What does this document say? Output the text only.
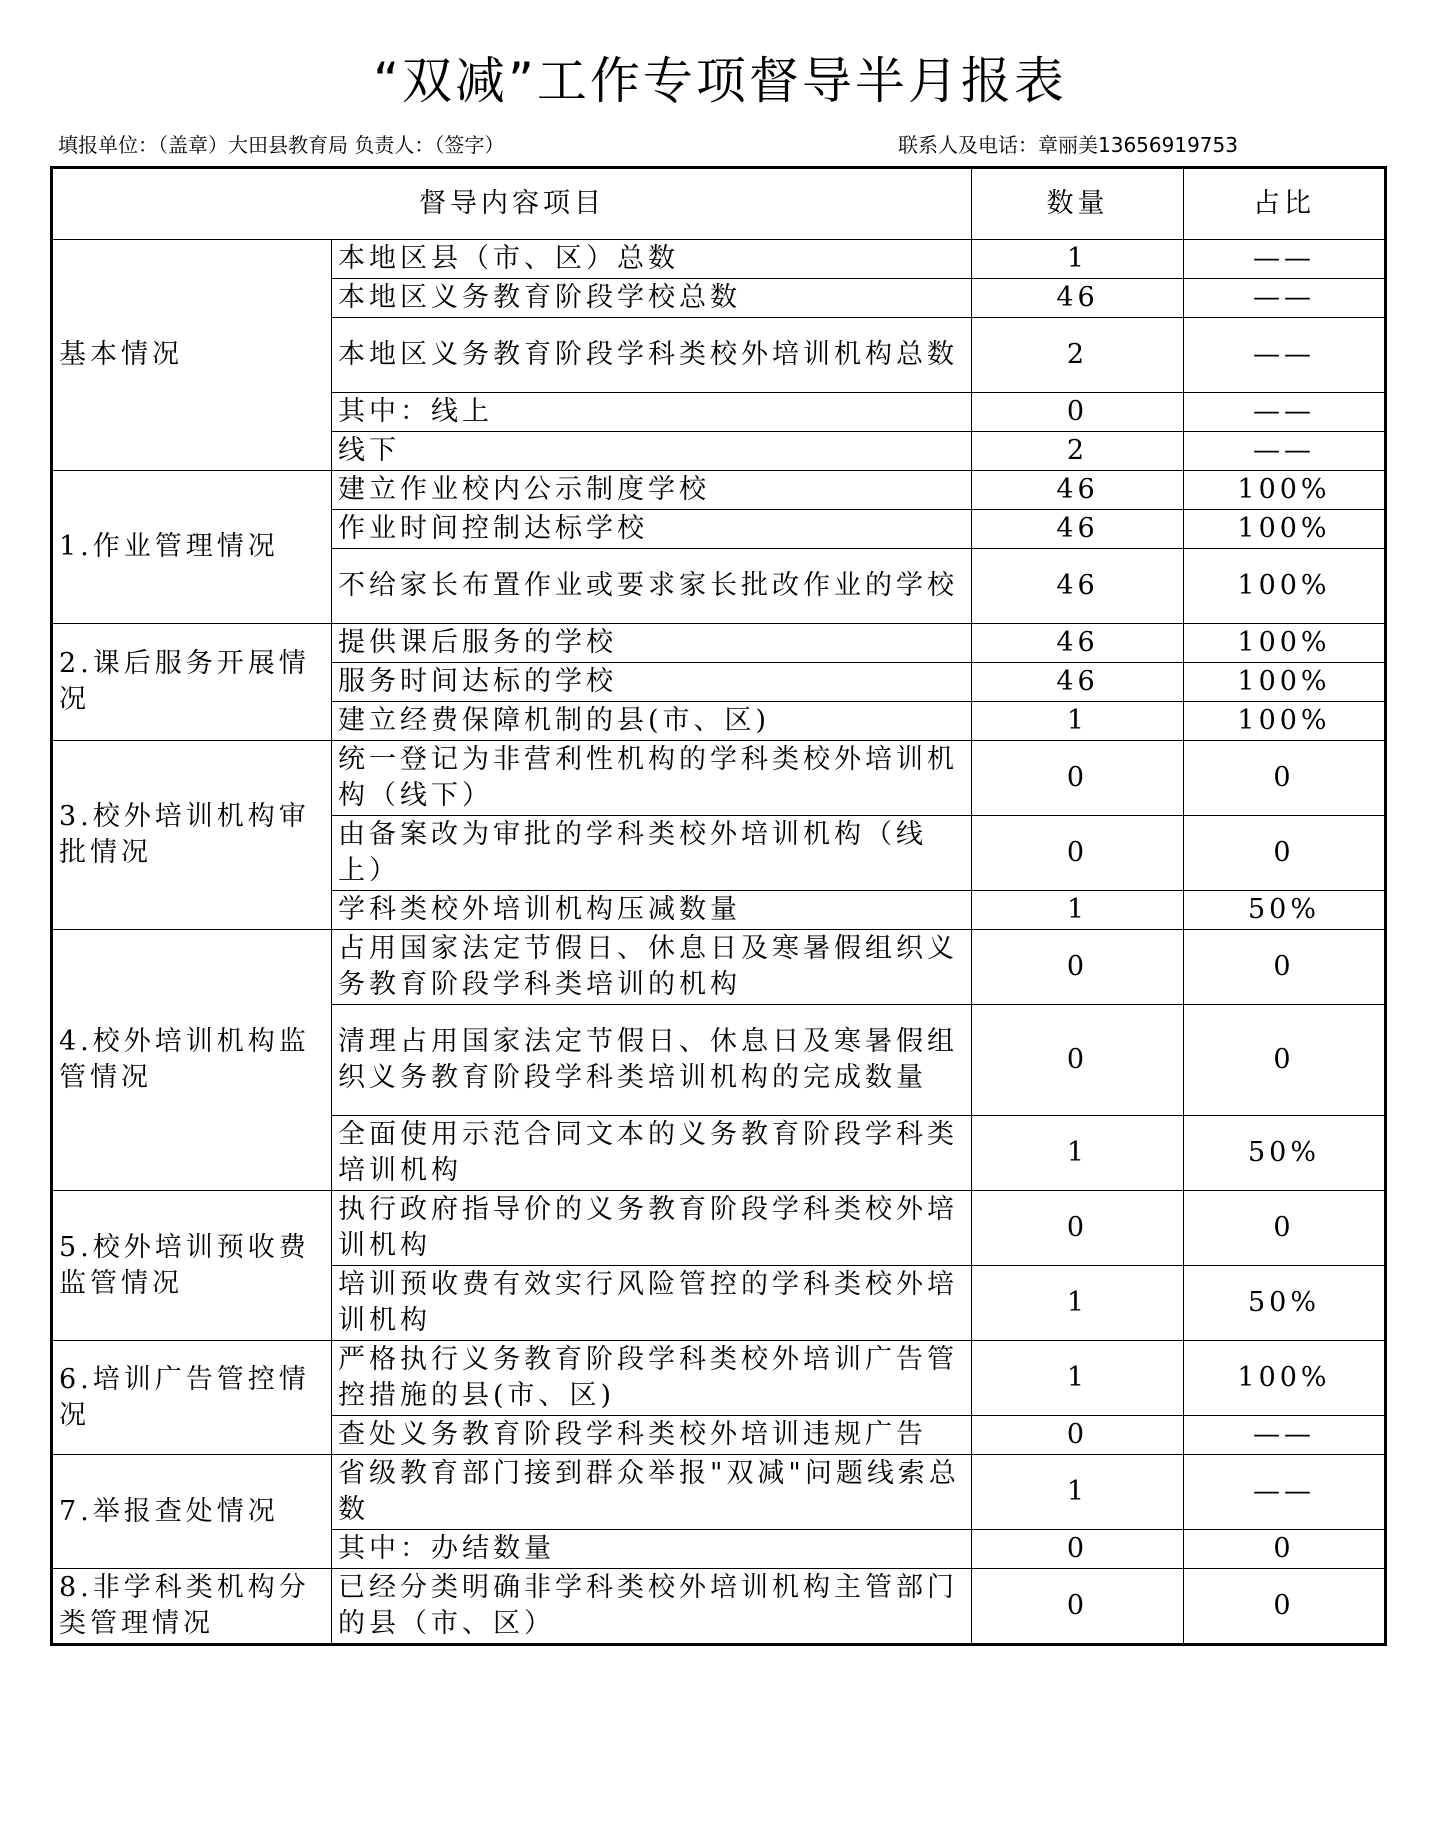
“双减”工作专项督导半月报表
填报单位：（盖章）大田县教育局 负责人：（签字）	联系人及电话：章丽美13656919753
督导内容项目		数量	占比
基本情况	本地区县（市、区）总数	1	——
	本地区义务教育阶段学校总数	46	——
	本地区义务教育阶段学科类校外培训机构总数	2	——
	其中：线上	0	——
	线下	2	——
1.作业管理情况	建立作业校内公示制度学校	46	100%
	作业时间控制达标学校	46	100%
	不给家长布置作业或要求家长批改作业的学校	46	100%
2.课后服务开展情况	提供课后服务的学校	46	100%
	服务时间达标的学校	46	100%
	建立经费保障机制的县(市、区)	1	100%
3.校外培训机构审批情况	统一登记为非营利性机构的学科类校外培训机构（线下）	0	0
	由备案改为审批的学科类校外培训机构（线上）	0	0
	学科类校外培训机构压减数量	1	50%
4.校外培训机构监管情况	占用国家法定节假日、休息日及寒暑假组织义务教育阶段学科类培训的机构	0	0
	清理占用国家法定节假日、休息日及寒暑假组织义务教育阶段学科类培训机构的完成数量	0	0
	全面使用示范合同文本的义务教育阶段学科类培训机构	1	50%
5.校外培训预收费监管情况	执行政府指导价的义务教育阶段学科类校外培训机构	0	0
	培训预收费有效实行风险管控的学科类校外培训机构	1	50%
6.培训广告管控情况	严格执行义务教育阶段学科类校外培训广告管控措施的县(市、区)	1	100%
	查处义务教育阶段学科类校外培训违规广告	0	——
7.举报查处情况	省级教育部门接到群众举报"双减"问题线索总数	1	——
	其中：办结数量	0	0
8.非学科类机构分类管理情况	已经分类明确非学科类校外培训机构主管部门的县（市、区）	0	0
